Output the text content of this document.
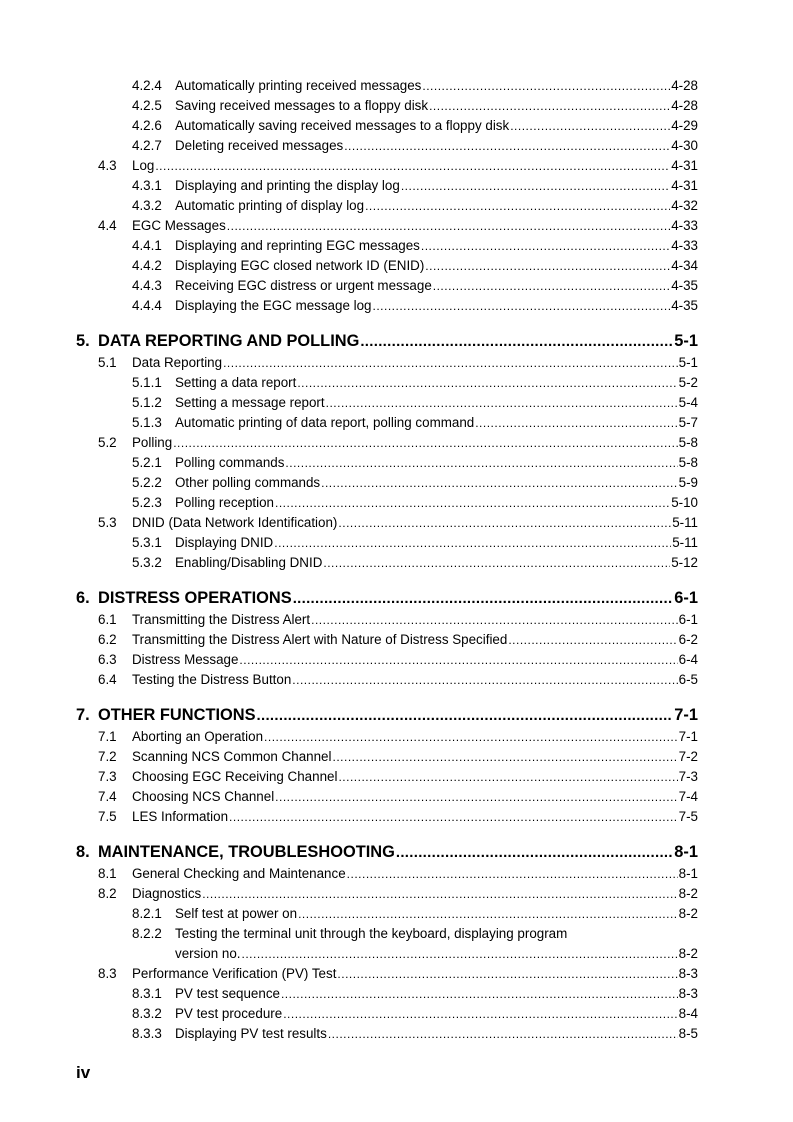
4.2.4 Automatically printing received messages .....	4-28
4.2.5 Saving received messages to a floppy disk .....	4-28
4.2.6 Automatically saving received messages to a floppy disk .....	4-29
4.2.7 Deleting received messages .....	4-30
4.3	Log .....	4-31
4.3.1 Displaying and printing the display log .....	4-31
4.3.2 Automatic printing of display log .....	4-32
4.4	EGC Messages .....	4-33
4.4.1 Displaying and reprinting EGC messages .....	4-33
4.4.2 Displaying EGC closed network ID (ENID) .....	4-34
4.4.3 Receiving EGC distress or urgent message .....	4-35
4.4.4 Displaying the EGC message log .....	4-35
5. DATA REPORTING AND POLLING .....	5-1
5.1	Data Reporting .....	5-1
5.1.1 Setting a data report .....	5-2
5.1.2 Setting a message report .....	5-4
5.1.3 Automatic printing of data report, polling command .....	5-7
5.2	Polling .....	5-8
5.2.1 Polling commands .....	5-8
5.2.2 Other polling commands .....	5-9
5.2.3 Polling reception .....	5-10
5.3	DNID (Data Network Identification) .....	5-11
5.3.1 Displaying DNID .....	5-11
5.3.2 Enabling/Disabling DNID .....	5-12
6. DISTRESS OPERATIONS .....	6-1
6.1	Transmitting the Distress Alert .....	6-1
6.2	Transmitting the Distress Alert with Nature of Distress Specified .....	6-2
6.3	Distress Message .....	6-4
6.4	Testing the Distress Button .....	6-5
7. OTHER FUNCTIONS .....	7-1
7.1	Aborting an Operation .....	7-1
7.2	Scanning NCS Common Channel .....	7-2
7.3	Choosing EGC Receiving Channel .....	7-3
7.4	Choosing NCS Channel .....	7-4
7.5	LES Information .....	7-5
8. MAINTENANCE, TROUBLESHOOTING .....	8-1
8.1	General Checking and Maintenance .....	8-1
8.2	Diagnostics .....	8-2
8.2.1 Self test at power on .....	8-2
8.2.2 Testing the terminal unit through the keyboard, displaying program
version no. .....	8-2
8.3	Performance Verification (PV) Test .....	8-3
8.3.1 PV test sequence .....	8-3
8.3.2 PV test procedure .....	8-4
8.3.3 Displaying PV test results .....	8-5
iv
